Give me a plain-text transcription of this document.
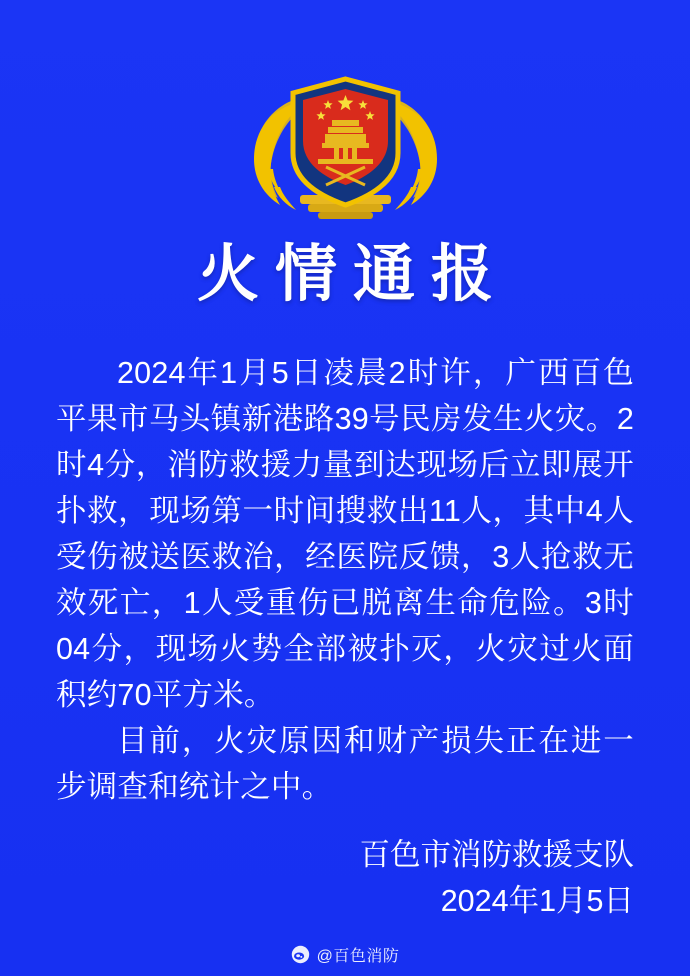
火情通报

2024年1月5日凌晨2时许，广西百色平果市马头镇新港路39号民房发生火灾。2时4分，消防救援力量到达现场后立即展开扑救，现场第一时间搜救出11人，其中4人受伤被送医救治，经医院反馈，3人抢救无效死亡，1人受重伤已脱离生命危险。3时04分，现场火势全部被扑灭，火灾过火面积约70平方米。

目前，火灾原因和财产损失正在进一步调查和统计之中。

百色市消防救援支队
2024年1月5日
@百色消防
